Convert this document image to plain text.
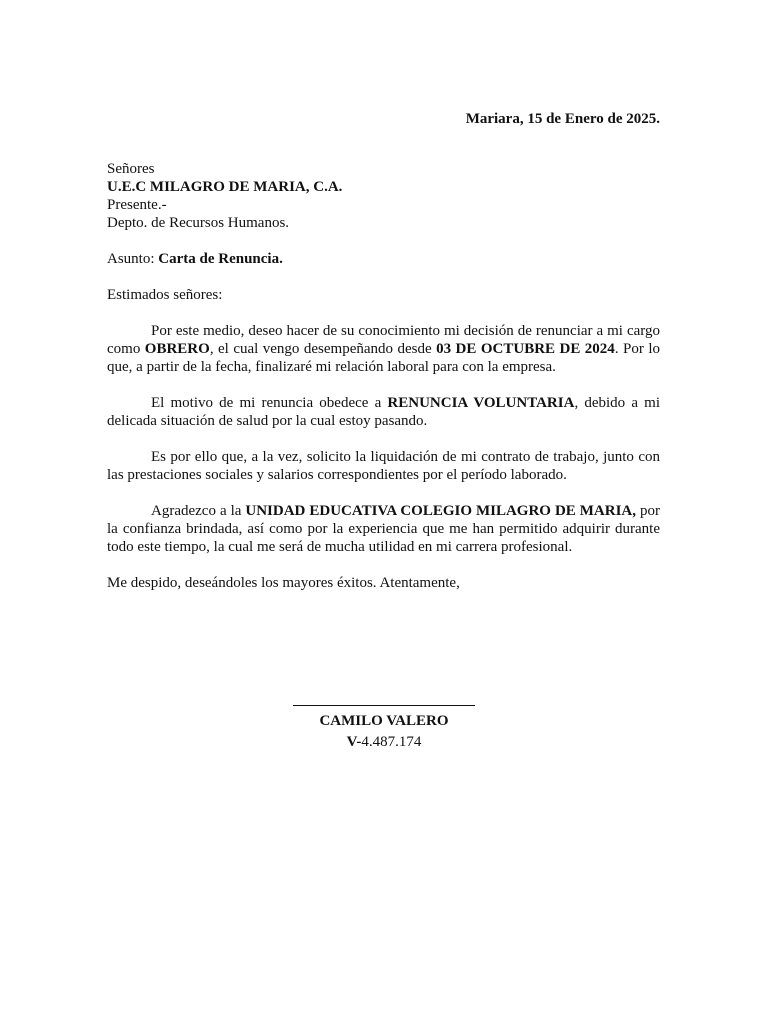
Mariara, 15 de Enero de 2025.
Señores
U.E.C MILAGRO DE MARIA, C.A.
Presente.-
Depto. de Recursos Humanos.
Asunto: Carta de Renuncia.
Estimados señores:

Por este medio, deseo hacer de su conocimiento mi decisión de renunciar a mi cargo como OBRERO, el cual vengo desempeñando desde 03 DE OCTUBRE DE 2024. Por lo que, a partir de la fecha, finalizaré mi relación laboral para con la empresa.

El motivo de mi renuncia obedece a RENUNCIA VOLUNTARIA, debido a mi delicada situación de salud por la cual estoy pasando.

Es por ello que, a la vez, solicito la liquidación de mi contrato de trabajo, junto con las prestaciones sociales y salarios correspondientes por el período laborado.

Agradezco a la UNIDAD EDUCATIVA COLEGIO MILAGRO DE MARIA, por la confianza brindada, así como por la experiencia que me han permitido adquirir durante todo este tiempo, la cual me será de mucha utilidad en mi carrera profesional.

Me despido, deseándoles los mayores éxitos. Atentamente,
CAMILO VALERO
V-4.487.174
